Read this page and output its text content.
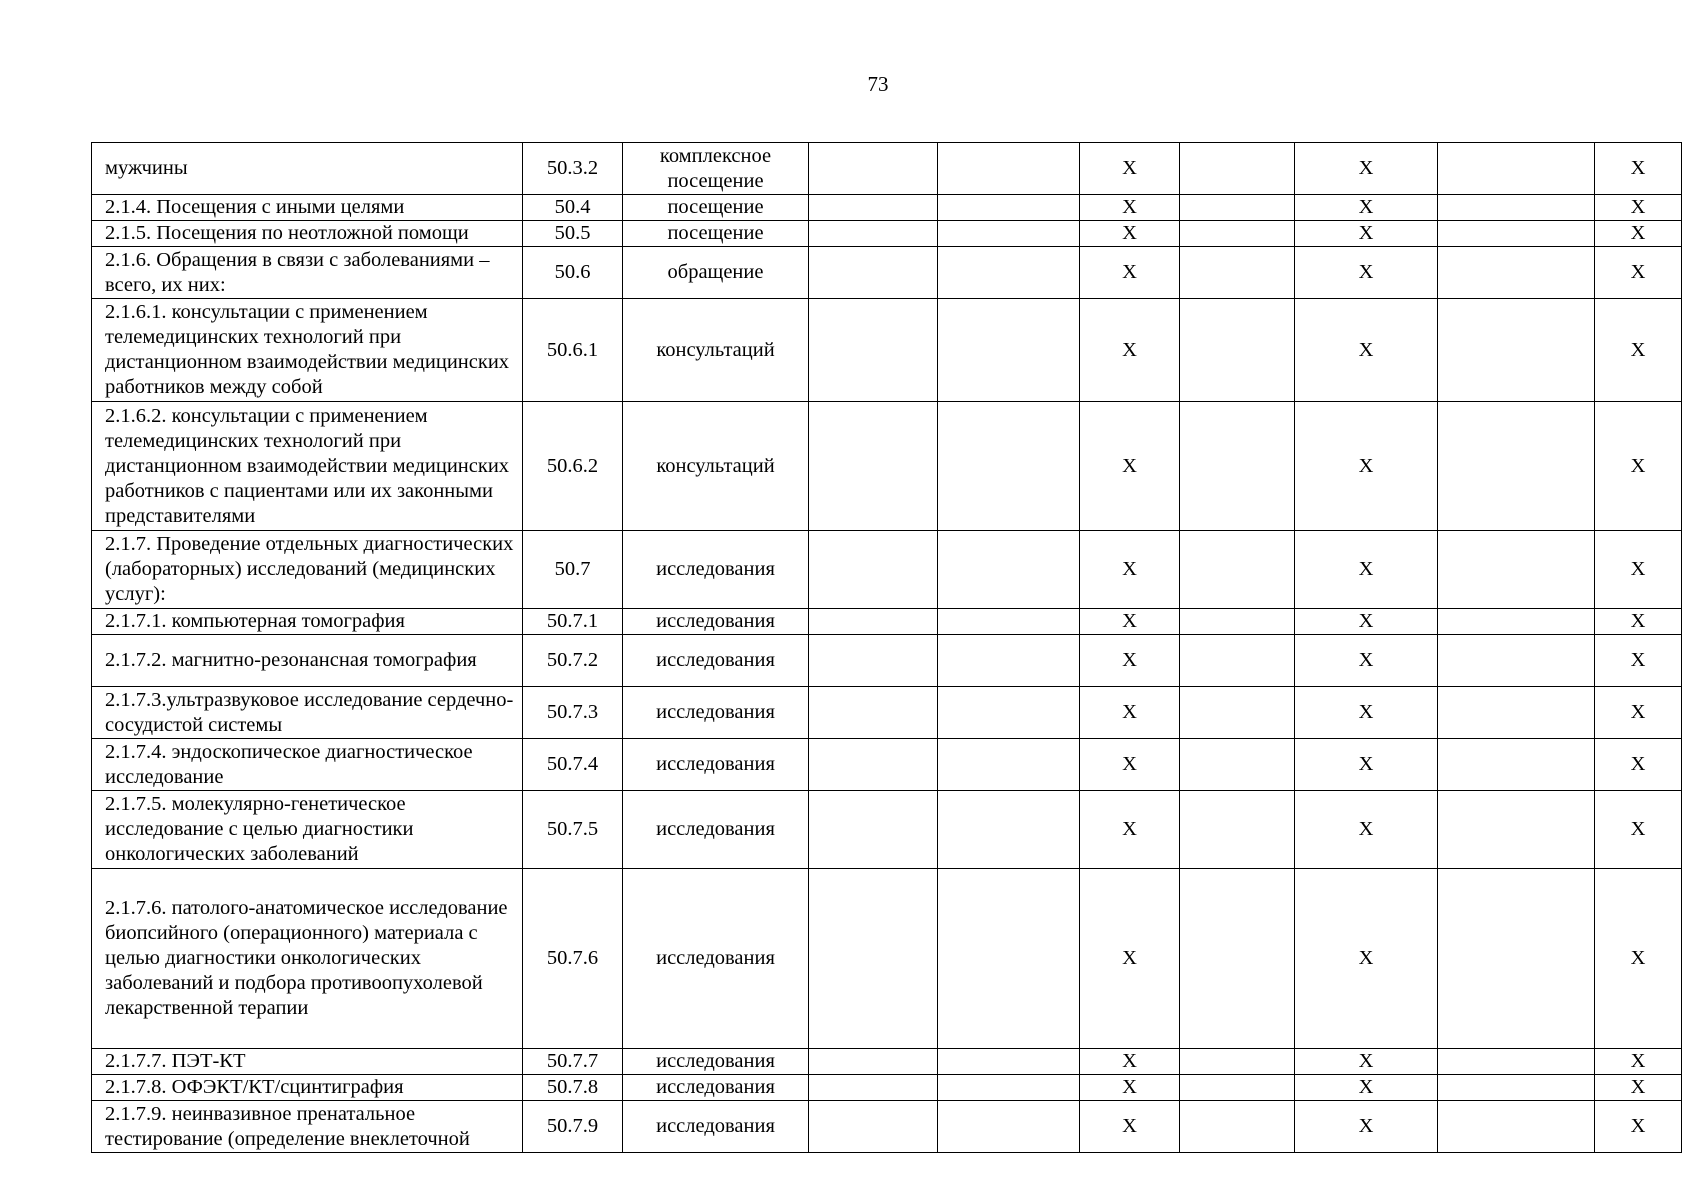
73
мужчины	50.3.2	комплексное посещение			X		X		X
2.1.4. Посещения с иными целями	50.4	посещение			X		X		X
2.1.5. Посещения по неотложной помощи	50.5	посещение			X		X		X
2.1.6. Обращения в связи с заболеваниями – всего, их них:	50.6	обращение			X		X		X
2.1.6.1. консультации с применением телемедицинских технологий при дистанционном взаимодействии медицинских работников между собой	50.6.1	консультаций			X		X		X
2.1.6.2. консультации с применением телемедицинских технологий при дистанционном взаимодействии медицинских работников с пациентами или их законными представителями	50.6.2	консультаций			X		X		X
2.1.7. Проведение отдельных диагностических (лабораторных) исследований (медицинских услуг):	50.7	исследования			X		X		X
2.1.7.1. компьютерная томография	50.7.1	исследования			X		X		X
2.1.7.2. магнитно-резонансная томография	50.7.2	исследования			X		X		X
2.1.7.3.ультразвуковое исследование сердечно-сосудистой системы	50.7.3	исследования			X		X		X
2.1.7.4. эндоскопическое диагностическое исследование	50.7.4	исследования			X		X		X
2.1.7.5. молекулярно-генетическое исследование с целью диагностики онкологических заболеваний	50.7.5	исследования			X		X		X
2.1.7.6. патолого-анатомическое исследование биопсийного (операционного) материала с целью диагностики онкологических заболеваний и подбора противоопухолевой лекарственной терапии	50.7.6	исследования			X		X		X
2.1.7.7. ПЭТ-КТ	50.7.7	исследования			X		X		X
2.1.7.8. ОФЭКТ/КТ/сцинтиграфия	50.7.8	исследования			X		X		X
2.1.7.9. неинвазивное пренатальное тестирование (определение внеклеточной	50.7.9	исследования			X		X		X
